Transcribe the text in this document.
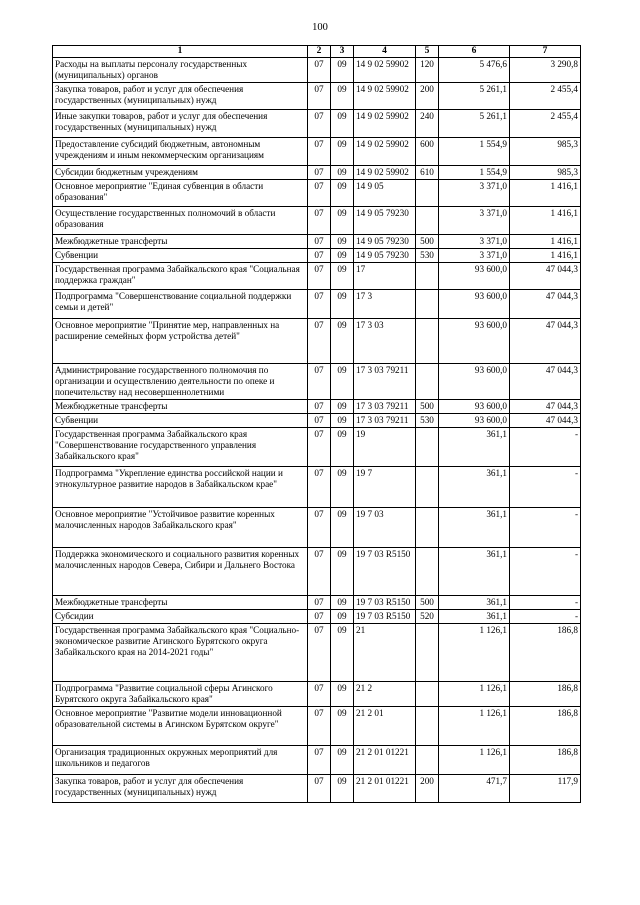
100
1	2	3	4	5	6	7
Расходы на выплаты персоналу государственных (муниципальных) органов	07	09	14 9 02 59902	120	5 476,6	3 290,8
Закупка товаров, работ и услуг для обеспечения государственных (муниципальных) нужд	07	09	14 9 02 59902	200	5 261,1	2 455,4
Иные закупки товаров, работ и услуг для обеспечения государственных (муниципальных) нужд	07	09	14 9 02 59902	240	5 261,1	2 455,4
Предоставление субсидий бюджетным, автономным учреждениям и иным некоммерческим организациям	07	09	14 9 02 59902	600	1 554,9	985,3
Субсидии бюджетным учреждениям	07	09	14 9 02 59902	610	1 554,9	985,3
Основное мероприятие "Единая субвенция в области образования"	07	09	14 9 05		3 371,0	1 416,1
Осуществление государственных полномочий в области образования	07	09	14 9 05 79230		3 371,0	1 416,1
Межбюджетные трансферты	07	09	14 9 05 79230	500	3 371,0	1 416,1
Субвенции	07	09	14 9 05 79230	530	3 371,0	1 416,1
Государственная программа Забайкальского края "Социальная поддержка граждан"	07	09	17		93 600,0	47 044,3
Подпрограмма "Совершенствование социальной поддержки семьи и детей"	07	09	17 3		93 600,0	47 044,3
Основное мероприятие "Принятие мер, направленных на расширение семейных форм устройства детей"	07	09	17 3 03		93 600,0	47 044,3
Администрирование государственного полномочия по организации и осуществлению деятельности по опеке и попечительству над несовершеннолетними	07	09	17 3 03 79211		93 600,0	47 044,3
Межбюджетные трансферты	07	09	17 3 03 79211	500	93 600,0	47 044,3
Субвенции	07	09	17 3 03 79211	530	93 600,0	47 044,3
Государственная программа Забайкальского края "Совершенствование государственного управления Забайкальского края"	07	09	19		361,1	-
Подпрограмма "Укрепление единства российской нации и этнокультурное развитие народов в Забайкальском крае"	07	09	19 7		361,1	-
Основное мероприятие "Устойчивое развитие коренных малочисленных народов Забайкальского края"	07	09	19 7 03		361,1	-
Поддержка экономического и социального развития коренных малочисленных народов Севера, Сибири и Дальнего Востока	07	09	19 7 03 R5150		361,1	-
Межбюджетные трансферты	07	09	19 7 03 R5150	500	361,1	-
Субсидии	07	09	19 7 03 R5150	520	361,1	-
Государственная программа Забайкальского края "Социально-экономическое развитие Агинского Бурятского округа Забайкальского края на 2014-2021 годы"	07	09	21		1 126,1	186,8
Подпрограмма "Развитие социальной сферы Агинского Бурятского округа Забайкальского края"	07	09	21 2		1 126,1	186,8
Основное мероприятие "Развитие модели инновационной образовательной системы в Агинском Бурятском округе"	07	09	21 2 01		1 126,1	186,8
Организация традиционных окружных мероприятий для школьников и педагогов	07	09	21 2 01 01221		1 126,1	186,8
Закупка товаров, работ и услуг для обеспечения государственных (муниципальных) нужд	07	09	21 2 01 01221	200	471,7	117,9
